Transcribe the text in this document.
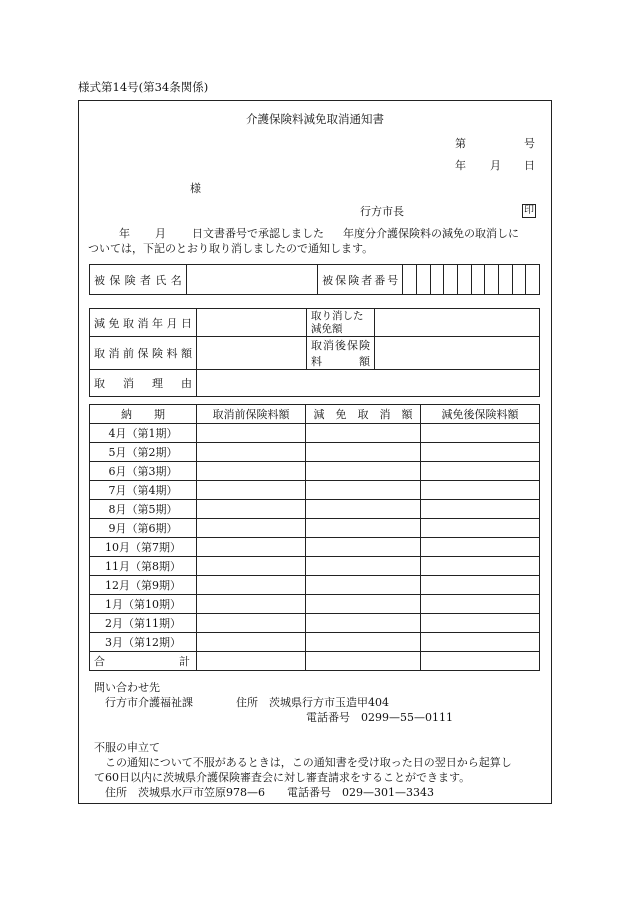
様式第14号(第34条関係)
介護保険料減免取消通知書
第	号
年 月 日
様
行方市長	印
年 月 日文書番号で承認しました 年度分介護保険料の減免の取消しに
ついては，下記のとおり取り消しましたので通知します。
被保険者氏名		被保険者番号										
減免取消年月日		取り消した減免額	
取消前保険料額		取消後保険料額	
取　消　理　由			
納　　期	取消前保険料額	減　免　取　消　額	減免後保険料額
4月（第1期）			
5月（第2期）			
6月（第3期）			
7月（第4期）			
8月（第5期）			
9月（第6期）			
10月（第7期）			
11月（第8期）			
12月（第9期）			
1月（第10期）			
2月（第11期）			
3月（第12期）			
合 計			

問い合わせ先
行方市介護福祉課	住所　茨城県行方市玉造甲404
電話番号　0299—55—0111
不服の申立て
この通知について不服があるときは，この通知書を受け取った日の翌日から起算し
て60日以内に茨城県介護保険審査会に対し審査請求をすることができます。
住所　茨城県水戸市笠原978—6　　電話番号　029—301—3343
